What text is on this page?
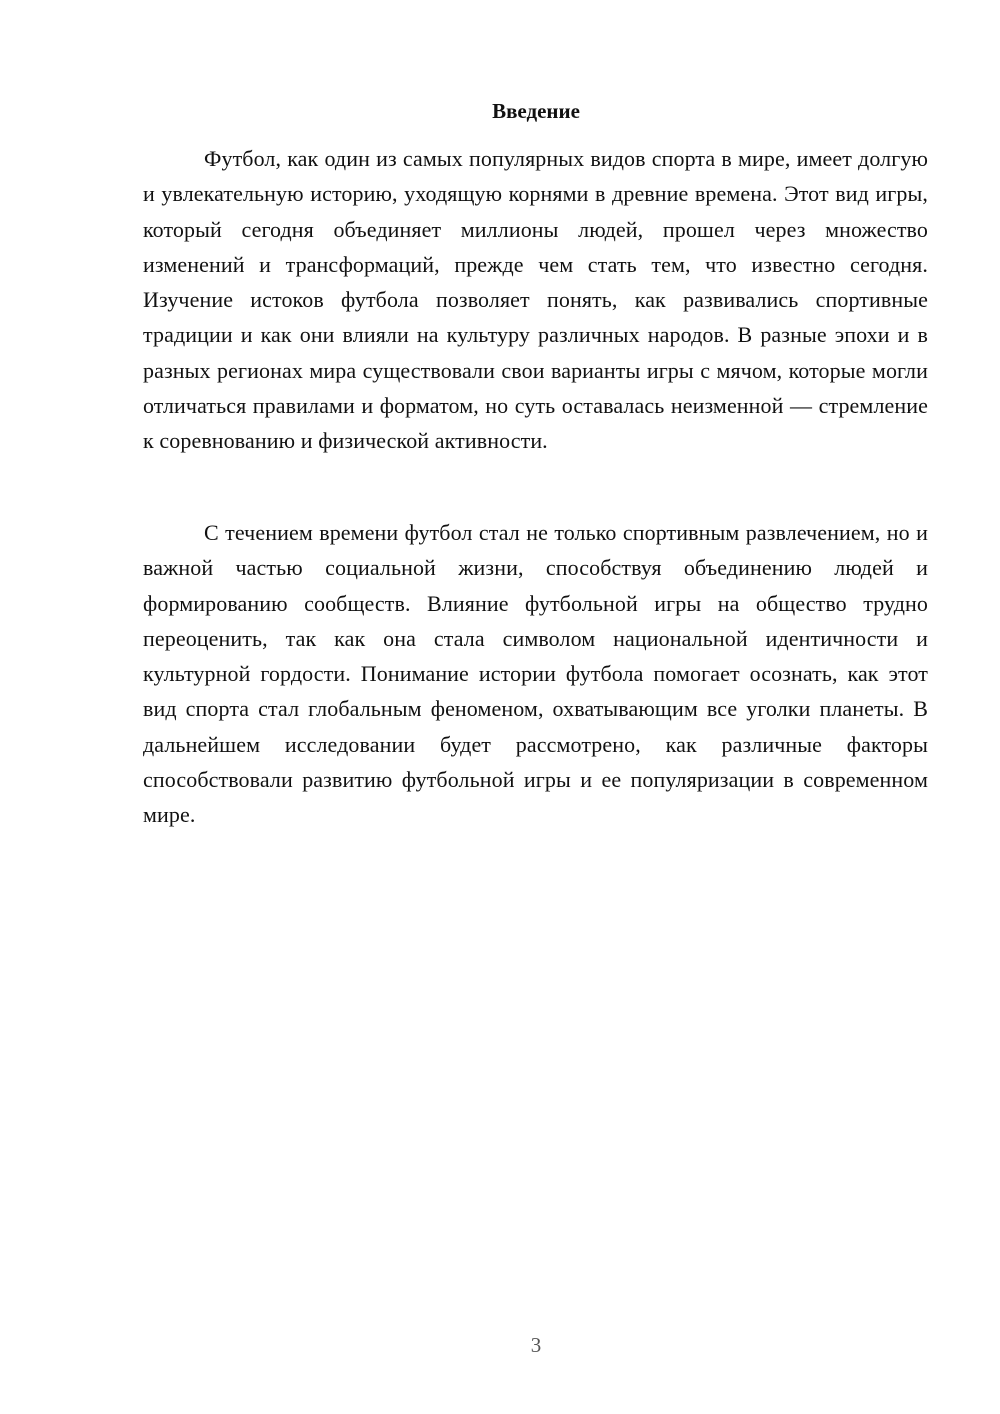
Введение

Футбол, как один из самых популярных видов спорта в мире, имеет долгую и увлекательную историю, уходящую корнями в древние времена. Этот вид игры, который сегодня объединяет миллионы людей, прошел через множество изменений и трансформаций, прежде чем стать тем, что известно сегодня. Изучение истоков футбола позволяет понять, как развивались спортивные традиции и как они влияли на культуру различных народов. В разные эпохи и в разных регионах мира существовали свои варианты игры с мячом, которые могли отличаться правилами и форматом, но суть оставалась неизменной — стремление к соревнованию и физической активности.

С течением времени футбол стал не только спортивным развлечением, но и важной частью социальной жизни, способствуя объединению людей и формированию сообществ. Влияние футбольной игры на общество трудно переоценить, так как она стала символом национальной идентичности и культурной гордости. Понимание истории футбола помогает осознать, как этот вид спорта стал глобальным феноменом, охватывающим все уголки планеты. В дальнейшем исследовании будет рассмотрено, как различные факторы способствовали развитию футбольной игры и ее популяризации в современном мире.

3
